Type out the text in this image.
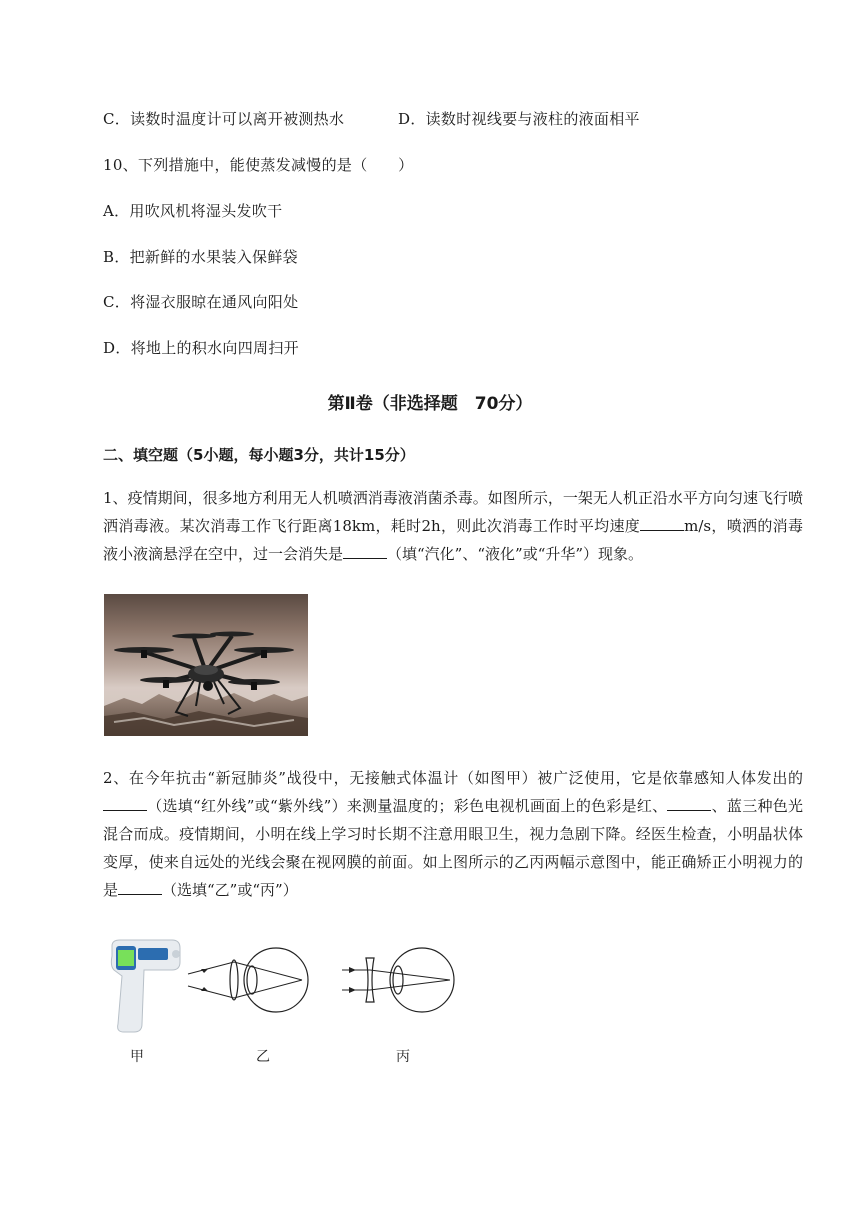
C．读数时温度计可以离开被测热水	D．读数时视线要与液柱的液面相平
10、下列措施中，能使蒸发减慢的是（　　）
A．用吹风机将湿头发吹干
B．把新鲜的水果装入保鲜袋
C．将湿衣服晾在通风向阳处
D．将地上的积水向四周扫开
第Ⅱ卷（非选择题　70分）
二、填空题（5小题，每小题3分，共计15分）
1、疫情期间，很多地方利用无人机喷洒消毒液消菌杀毒。如图所示，一架无人机正沿水平方向匀速飞行喷洒消毒液。某次消毒工作飞行距离18km，耗时2h，则此次消毒工作时平均速度	m/s，喷洒的消毒液小液滴悬浮在空中，过一会消失是	（填“汽化”、“液化”或“升华”）现象。
2、在今年抗击“新冠肺炎”战役中，无接触式体温计（如图甲）被广泛使用，它是依靠感知人体发出的（选填“红外线”或“紫外线”）来测量温度的；彩色电视机画面上的色彩是红、	、蓝三种色光混合而成。疫情期间，小明在线上学习时长期不注意用眼卫生，视力急剧下降。经医生检查，小明晶状体变厚，使来自远处的光线会聚在视网膜的前面。如上图所示的乙丙两幅示意图中，能正确矫正小明视力的是	（选填“乙”或“丙”）
甲	乙	丙
